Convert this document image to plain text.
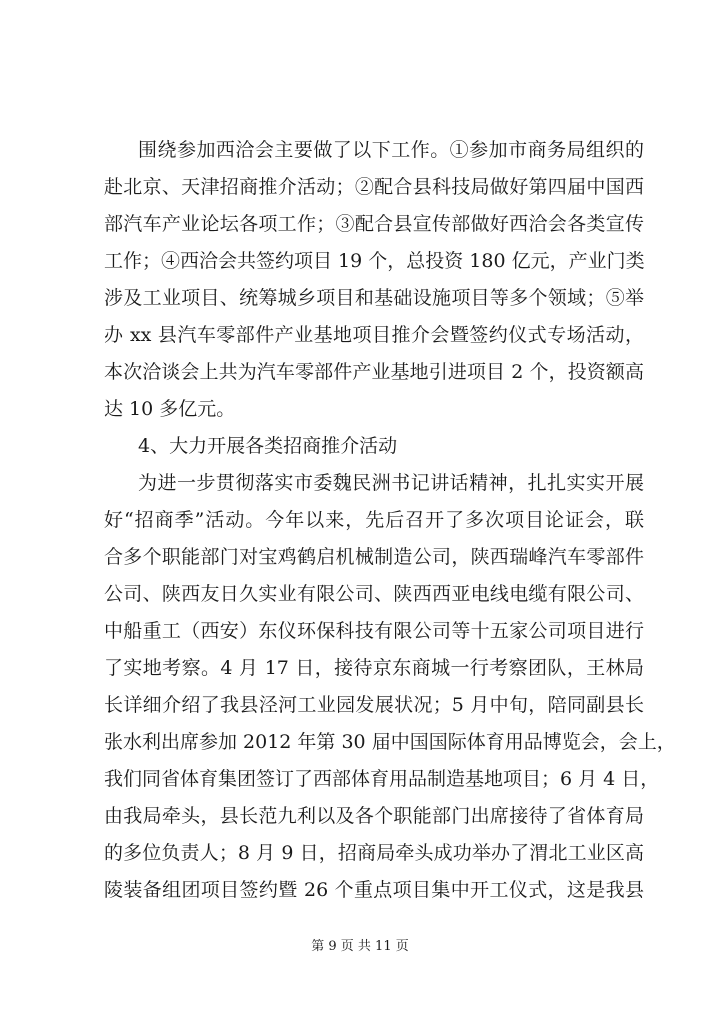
围绕参加西洽会主要做了以下工作。①参加市商务局组织的
赴北京、天津招商推介活动；②配合县科技局做好第四届中国西
部汽车产业论坛各项工作；③配合县宣传部做好西洽会各类宣传
工作；④西洽会共签约项目 19 个，总投资 180 亿元，产业门类
涉及工业项目、统筹城乡项目和基础设施项目等多个领域；⑤举
办 xx 县汽车零部件产业基地项目推介会暨签约仪式专场活动，
本次洽谈会上共为汽车零部件产业基地引进项目 2 个，投资额高
达 10 多亿元。
4、大力开展各类招商推介活动
为进一步贯彻落实市委魏民洲书记讲话精神，扎扎实实开展
好“招商季”活动。今年以来，先后召开了多次项目论证会，联
合多个职能部门对宝鸡鹤启机械制造公司，陕西瑞峰汽车零部件
公司、陕西友日久实业有限公司、陕西西亚电线电缆有限公司、
中船重工（西安）东仪环保科技有限公司等十五家公司项目进行
了实地考察。4 月 17 日，接待京东商城一行考察团队，王林局
长详细介绍了我县泾河工业园发展状况；5 月中旬，陪同副县长
张水利出席参加 2012 年第 30 届中国国际体育用品博览会，会上，
我们同省体育集团签订了西部体育用品制造基地项目；6 月 4 日，
由我局牵头，县长范九利以及各个职能部门出席接待了省体育局
的多位负责人；8 月 9 日，招商局牵头成功举办了渭北工业区高
陵装备组团项目签约暨 26 个重点项目集中开工仪式，这是我县
第 9 页 共 11 页
